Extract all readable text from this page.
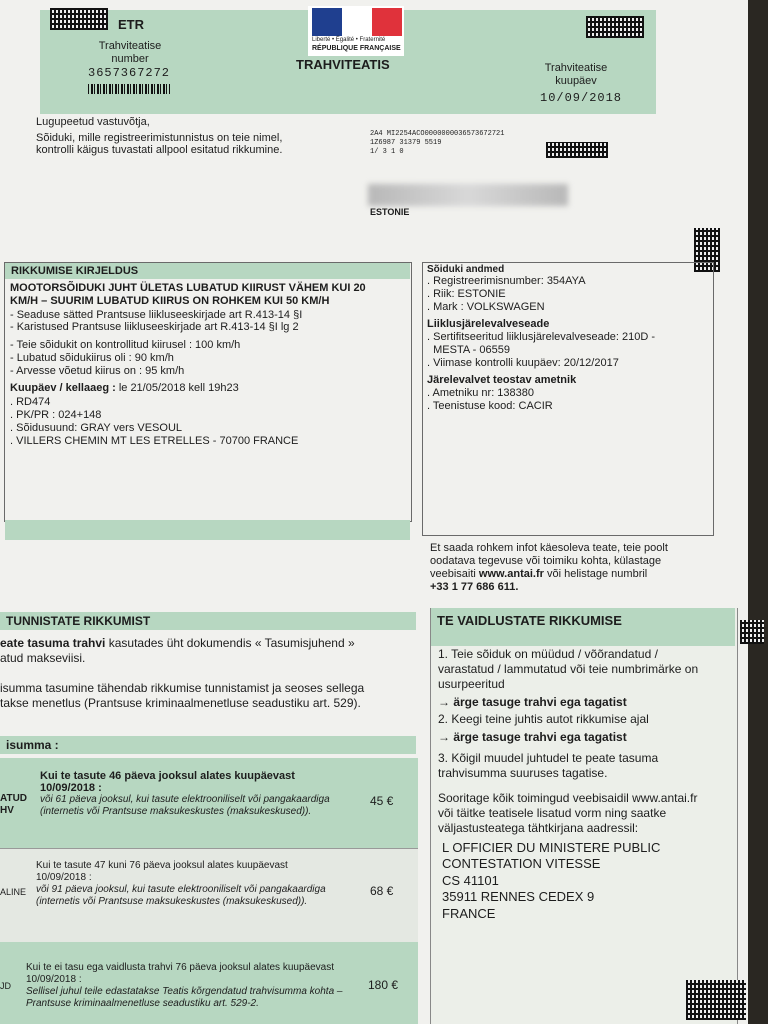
ETR
Trahviteatise number
3657367272
Liberté • Égalité • Fraternité
RÉPUBLIQUE FRANÇAISE
TRAHVITEATIS	Trahviteatise kuupäev
10/09/2018
Lugupeetud vastuvõtja,
Sõiduki, mille registreerimistunnistus on teie nimel,
kontrolli käigus tuvastati allpool esitatud rikkumine.
2A4 MI2254ACO0000000036573672721
1Z6987 31379 5519
1/ 3 1 0
ESTONIE
RIKKUMISE KIRJELDUS
MOOTORSÕIDUKI JUHT ÜLETAS LUBATUD KIIRUST VÄHEM KUI 20
KM/H – SUURIM LUBATUD KIIRUS ON ROHKEM KUI 50 KM/H
- Seaduse sätted Prantsuse liikluseeskirjade art R.413-14 §I
- Karistused Prantsuse liikluseeskirjade art R.413-14 §I lg 2
- Teie sõidukit on kontrollitud kiirusel : 100 km/h
- Lubatud sõidukiirus oli : 90 km/h
- Arvesse võetud kiirus on : 95 km/h
Kuupäev / kellaaeg : le 21/05/2018 kell 19h23
. RD474
. PK/PR : 024+148
. Sõidusuund: GRAY vers VESOUL
. VILLERS CHEMIN MT LES ETRELLES - 70700 FRANCE
Sõiduki andmed
. Registreerimisnumber: 354AYA
. Riik: ESTONIE
. Mark : VOLKSWAGEN
Liiklusjärelevalveseade
. Sertifitseeritud liiklusjärelevalveseade: 210D -
MESTA - 06559
. Viimase kontrolli kuupäev: 20/12/2017
Järelevalvet teostav ametnik
. Ametniku nr: 138380
. Teenistuse kood: CACIR
Et saada rohkem infot käesoleva teate, teie poolt
oodatava tegevuse või toimiku kohta, külastage
veebisaiti www.antai.fr või helistage numbril
+33 1 77 686 611.
TUNNISTATE RIKKUMIST
eate tasuma trahvi kasutades üht dokumendis « Tasumisjuhend »
atud makseviisi.
isumma tasumine tähendab rikkumise tunnistamist ja seoses sellega
takse menetlus (Prantsuse kriminaalmenetluse seadustiku art. 529).
isumma :
ATUD
HV
Kui te tasute 46 päeva jooksul alates kuupäevast 10/09/2018 :
või 61 päeva jooksul, kui tasute elektrooniliselt või pangakaardiga (internetis või Prantsuse maksukeskustes (maksukeskused)).
45 €
ALINE
Kui te tasute 47 kuni 76 päeva jooksul alates kuupäevast 10/09/2018 :
või 91 päeva jooksul, kui tasute elektrooniliselt või pangakaardiga (internetis või Prantsuse maksukeskustes (maksukeskused)).
68 €
JD
Kui te ei tasu ega vaidlusta trahvi 76 päeva jooksul alates kuupäevast 10/09/2018 :
Sellisel juhul teile edastatakse Teatis kõrgendatud trahvisumma kohta – Prantsuse kriminaalmenetluse seadustiku art. 529-2.
180 €
TE VAIDLUSTATE RIKKUMISE
1. Teie sõiduk on müüdud / võõrandatud /
varastatud / lammutatud või teie numbrimärke on
usurpeeritud
→ ärge tasuge trahvi ega tagatist
2. Keegi teine juhtis autot rikkumise ajal
→ ärge tasuge trahvi ega tagatist
3. Kõigil muudel juhtudel te peate tasuma
trahvisumma suuruses tagatise.
Sooritage kõik toimingud veebisaidil www.antai.fr
või täitke teatisele lisatud vorm ning saatke
väljastusteatega tähtkirjana aadressil:
L OFFICIER DU MINISTERE PUBLIC
CONTESTATION VITESSE
CS 41101
35911 RENNES CEDEX 9
FRANCE
